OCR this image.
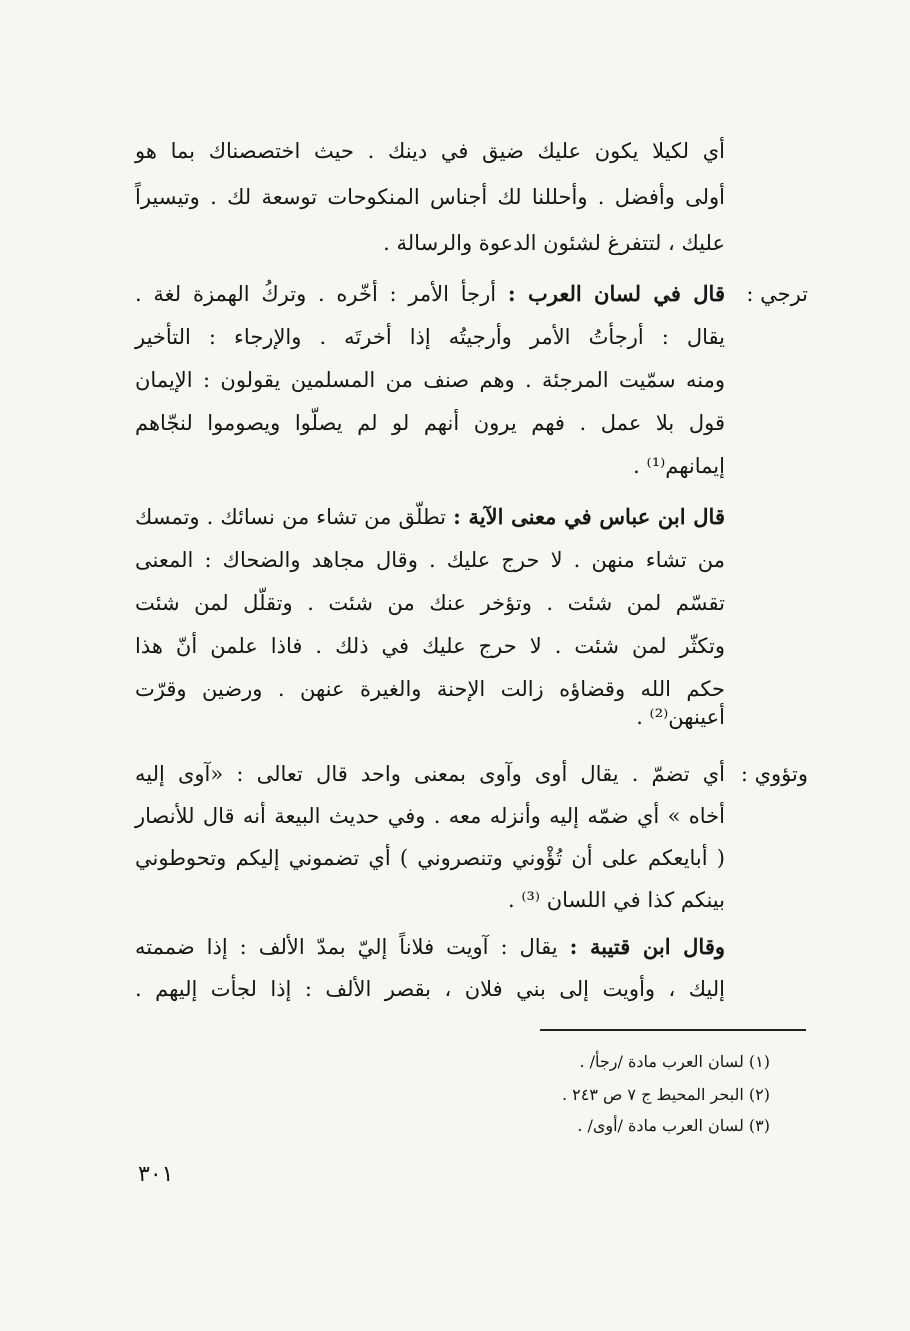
أي لكيلا يكون عليك ضيق في دينك . حيث اختصصناك بما هو
أولى وأفضل . وأحللنا لك أجناس المنكوحات توسعة لك . وتيسيراً
عليك ، لتتفرغ لشئون الدعوة والرسالة .
ترجي :
قال في لسان العرب : أرجأ الأمر : أخّره . وتركُ الهمزة لغة .
يقال : أرجأتُ الأمر وأرجيتُه إذا أخرتَه . والإرجاء : التأخير
ومنه سمّيت المرجئة . وهم صنف من المسلمين يقولون : الإيمان
قول بلا عمل . فهم يرون أنهم لو لم يصلّوا ويصوموا لنجّاهم
إيمانهم⁽¹⁾ .
قال ابن عباس في معنى الآية : تطلّق من تشاء من نسائك . وتمسك
من تشاء منهن . لا حرج عليك . وقال مجاهد والضحاك : المعنى
تقسّم لمن شئت . وتؤخر عنك من شئت . وتقلّل لمن شئت
وتكثّر لمن شئت . لا حرج عليك في ذلك . فاذا علمن أنّ هذا
حكم الله وقضاؤه زالت الإحنة والغيرة عنهن . ورضين وقرّت
أعينهن⁽²⁾ .
وتؤوي :
أي تضمّ . يقال أوى وآوى بمعنى واحد قال تعالى : «آوى إليه
أخاه » أي ضمّه إليه وأنزله معه . وفي حديث البيعة أنه قال للأنصار
( أبايعكم على أن تُؤْوني وتنصروني ) أي تضموني إليكم وتحوطوني
بينكم كذا في اللسان ⁽³⁾ .
وقال ابن قتيبة : يقال : آويت فلاناً إليّ بمدّ الألف : إذا ضممته
إليك ، وأويت إلى بني فلان ، بقصر الألف : إذا لجأت إليهم .
(١) لسان العرب مادة /رجأ/ .
(٢) البحر المحيط ج ٧ ص ٢٤٣ .
(٣) لسان العرب مادة /أوى/ .
٣٠١
